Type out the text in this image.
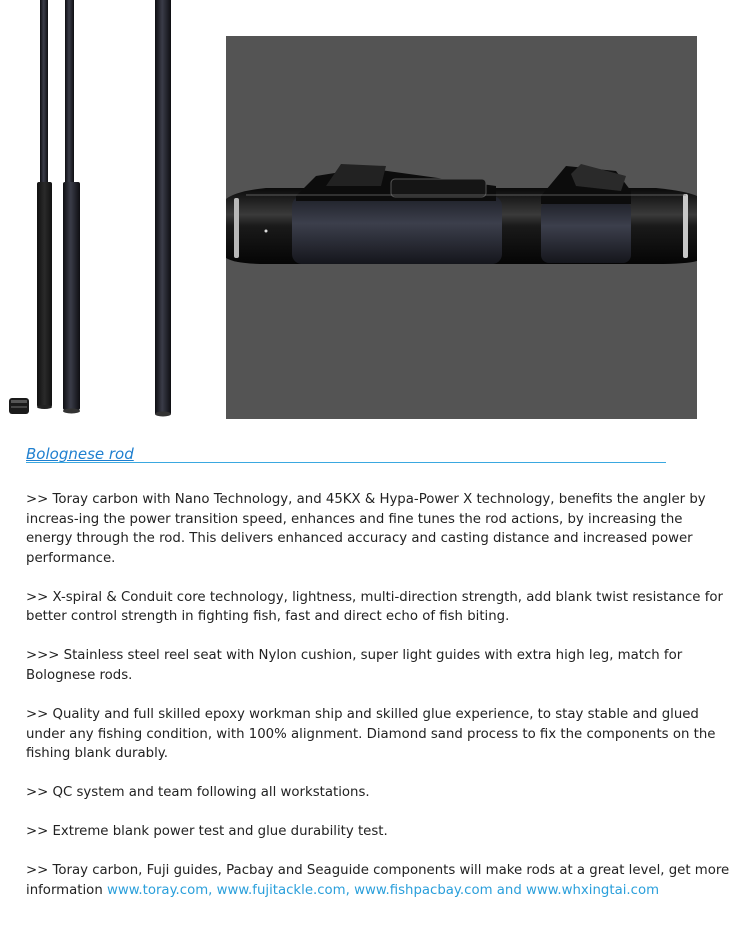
Bolognese rod

>> Toray carbon with Nano Technology, and 45KX & Hypa-Power X technology, benefits the angler by increas-ing the power transition speed, enhances and fine tunes the rod actions, by increasing the energy through the rod. This delivers enhanced accuracy and casting distance and increased power performance.

>> X-spiral & Conduit core technology, lightness, multi-direction strength, add blank twist resistance for better control strength in fighting fish, fast and direct echo of fish biting.

>>> Stainless steel reel seat with Nylon cushion, super light guides with extra high leg, match for Bolognese rods.

>> Quality and full skilled epoxy workman ship and skilled glue experience, to stay stable and glued under any fishing condition, with 100% alignment. Diamond sand process to fix the components on the fishing blank durably.

>> QC system and team following all workstations.

>> Extreme blank power test and glue durability test.

>> Toray carbon, Fuji guides, Pacbay and Seaguide components will make rods at a great level, get more information www.toray.com, www.fujitackle.com, www.fishpacbay.com and www.whxingtai.com
